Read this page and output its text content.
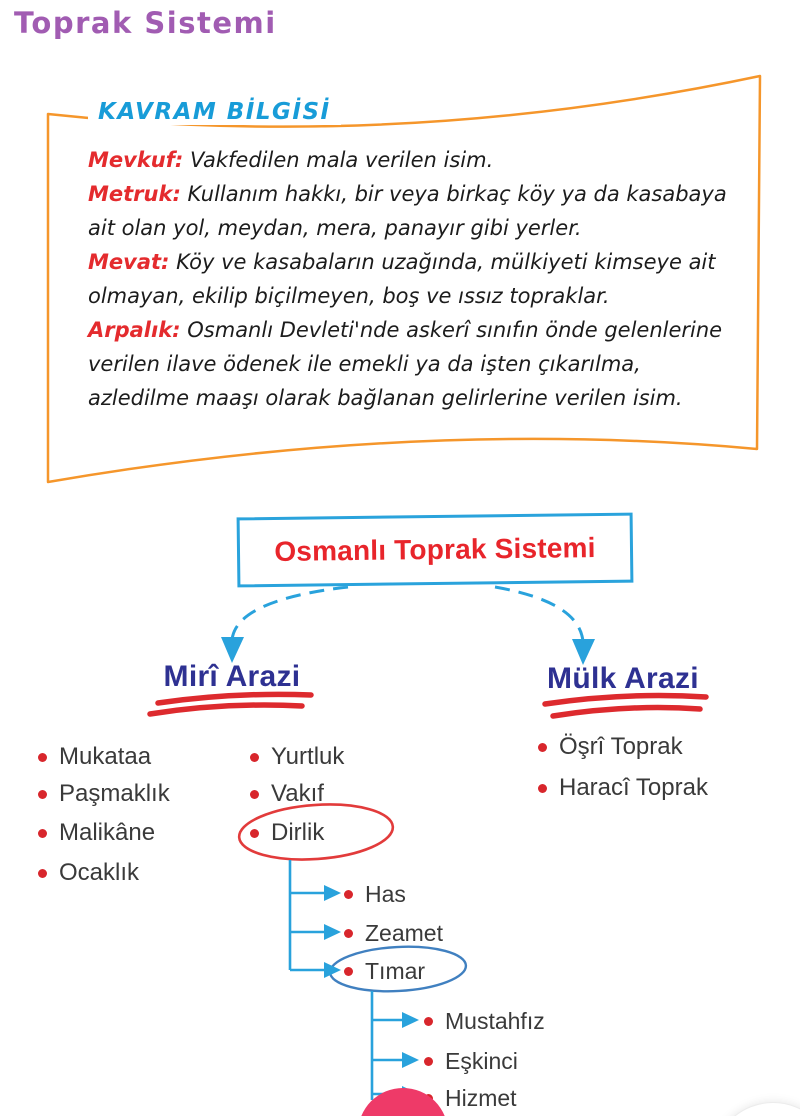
Toprak Sistemi
KAVRAM BİLGİSİ

Mevkuf: Vakfedilen mala verilen isim.

Metruk: Kullanım hakkı, bir veya birkaç köy ya da kasabaya ait olan yol, meydan, mera, panayır gibi yerler.

Mevat: Köy ve kasabaların uzağında, mülkiyeti kimseye ait olmayan, ekilip biçilmeyen, boş ve ıssız topraklar.

Arpalık: Osmanlı Devleti'nde askerî sınıfın önde gelenlerine verilen ilave ödenek ile emekli ya da işten çıkarılma, azledilme maaşı olarak bağlanan gelirlerine verilen isim.

Osmanlı Toprak Sistemi
Mirî Arazi	Mülk Arazi
Mukataa
Paşmaklık
Malikâne
Ocaklık
Yurtluk
Vakıf
Dirlik
Öşrî Toprak
Haracî Toprak
Has
Zeamet
Tımar
Mustahfız
Eşkinci
Hizmet
